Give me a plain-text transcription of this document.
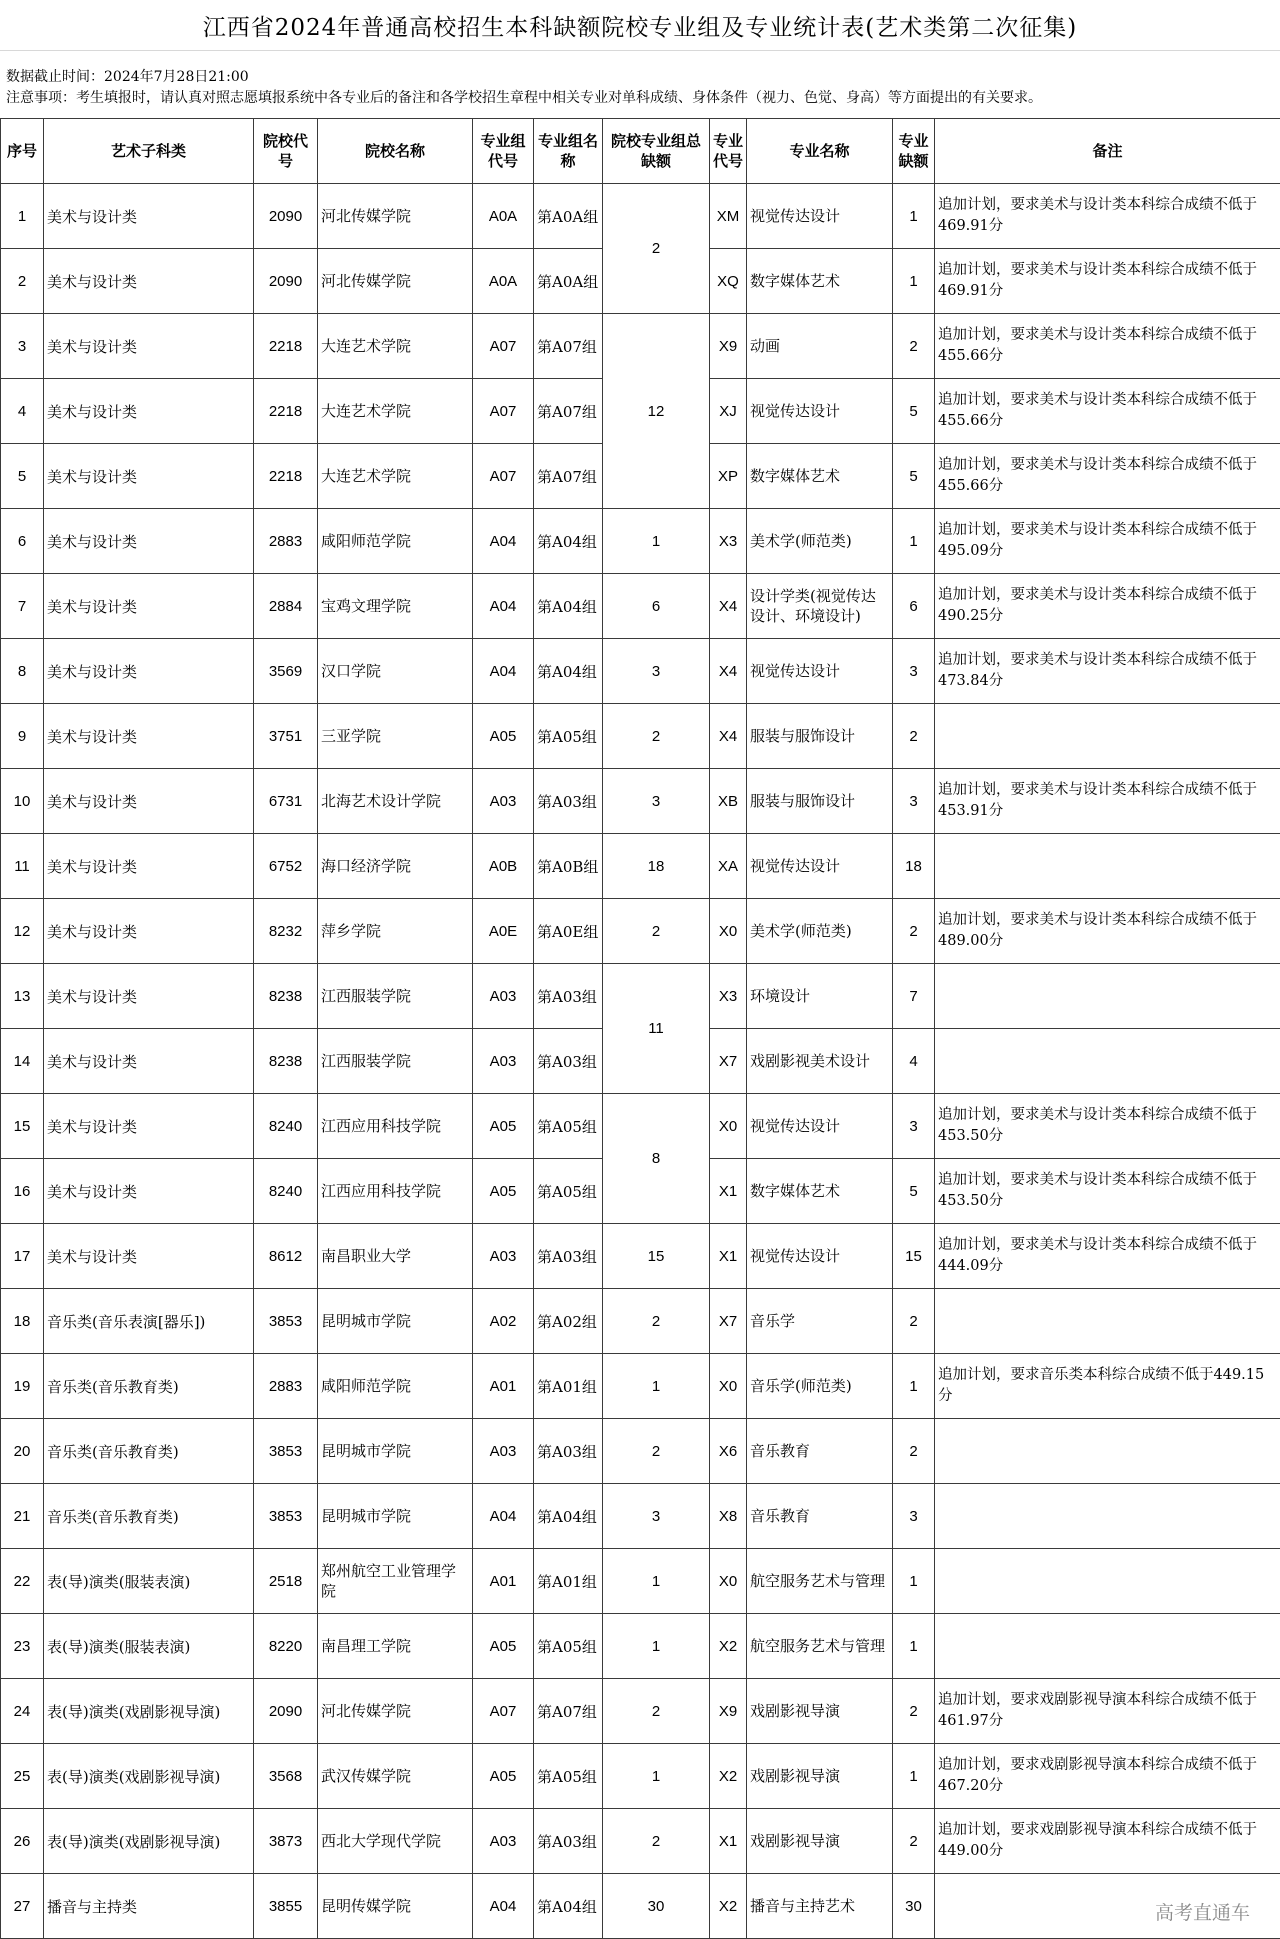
江西省2024年普通高校招生本科缺额院校专业组及专业统计表(艺术类第二次征集)
数据截止时间：2024年7月28日21:00
注意事项：考生填报时，请认真对照志愿填报系统中各专业后的备注和各学校招生章程中相关专业对单科成绩、身体条件（视力、色觉、身高）等方面提出的有关要求。
序号	艺术子科类	院校代号	院校名称	专业组代号	专业组名称	院校专业组总缺额	专业代号	专业名称	专业缺额	备注
1	美术与设计类	2090	河北传媒学院	A0A	第A0A组	2	XM	视觉传达设计	1	追加计划，要求美术与设计类本科综合成绩不低于469.91分
2	美术与设计类	2090	河北传媒学院	A0A	第A0A组		XQ	数字媒体艺术	1	追加计划，要求美术与设计类本科综合成绩不低于469.91分
3	美术与设计类	2218	大连艺术学院	A07	第A07组	12	X9	动画	2	追加计划，要求美术与设计类本科综合成绩不低于455.66分
4	美术与设计类	2218	大连艺术学院	A07	第A07组		XJ	视觉传达设计	5	追加计划，要求美术与设计类本科综合成绩不低于455.66分
5	美术与设计类	2218	大连艺术学院	A07	第A07组		XP	数字媒体艺术	5	追加计划，要求美术与设计类本科综合成绩不低于455.66分
6	美术与设计类	2883	咸阳师范学院	A04	第A04组	1	X3	美术学(师范类)	1	追加计划，要求美术与设计类本科综合成绩不低于495.09分
7	美术与设计类	2884	宝鸡文理学院	A04	第A04组	6	X4	设计学类(视觉传达设计、环境设计)	6	追加计划，要求美术与设计类本科综合成绩不低于490.25分
8	美术与设计类	3569	汉口学院	A04	第A04组	3	X4	视觉传达设计	3	追加计划，要求美术与设计类本科综合成绩不低于473.84分
9	美术与设计类	3751	三亚学院	A05	第A05组	2	X4	服装与服饰设计	2	
10	美术与设计类	6731	北海艺术设计学院	A03	第A03组	3	XB	服装与服饰设计	3	追加计划，要求美术与设计类本科综合成绩不低于453.91分
11	美术与设计类	6752	海口经济学院	A0B	第A0B组	18	XA	视觉传达设计	18	
12	美术与设计类	8232	萍乡学院	A0E	第A0E组	2	X0	美术学(师范类)	2	追加计划，要求美术与设计类本科综合成绩不低于489.00分
13	美术与设计类	8238	江西服装学院	A03	第A03组	11	X3	环境设计	7	
14	美术与设计类	8238	江西服装学院	A03	第A03组		X7	戏剧影视美术设计	4	
15	美术与设计类	8240	江西应用科技学院	A05	第A05组	8	X0	视觉传达设计	3	追加计划，要求美术与设计类本科综合成绩不低于453.50分
16	美术与设计类	8240	江西应用科技学院	A05	第A05组		X1	数字媒体艺术	5	追加计划，要求美术与设计类本科综合成绩不低于453.50分
17	美术与设计类	8612	南昌职业大学	A03	第A03组	15	X1	视觉传达设计	15	追加计划，要求美术与设计类本科综合成绩不低于444.09分
18	音乐类(音乐表演[器乐])	3853	昆明城市学院	A02	第A02组	2	X7	音乐学	2	
19	音乐类(音乐教育类)	2883	咸阳师范学院	A01	第A01组	1	X0	音乐学(师范类)	1	追加计划，要求音乐类本科综合成绩不低于449.15分
20	音乐类(音乐教育类)	3853	昆明城市学院	A03	第A03组	2	X6	音乐教育	2	
21	音乐类(音乐教育类)	3853	昆明城市学院	A04	第A04组	3	X8	音乐教育	3	
22	表(导)演类(服装表演)	2518	郑州航空工业管理学院	A01	第A01组	1	X0	航空服务艺术与管理	1	
23	表(导)演类(服装表演)	8220	南昌理工学院	A05	第A05组	1	X2	航空服务艺术与管理	1	
24	表(导)演类(戏剧影视导演)	2090	河北传媒学院	A07	第A07组	2	X9	戏剧影视导演	2	追加计划，要求戏剧影视导演本科综合成绩不低于461.97分
25	表(导)演类(戏剧影视导演)	3568	武汉传媒学院	A05	第A05组	1	X2	戏剧影视导演	1	追加计划，要求戏剧影视导演本科综合成绩不低于467.20分
26	表(导)演类(戏剧影视导演)	3873	西北大学现代学院	A03	第A03组	2	X1	戏剧影视导演	2	追加计划，要求戏剧影视导演本科综合成绩不低于449.00分
27	播音与主持类	3855	昆明传媒学院	A04	第A04组	30	X2	播音与主持艺术	30		高考直通车
